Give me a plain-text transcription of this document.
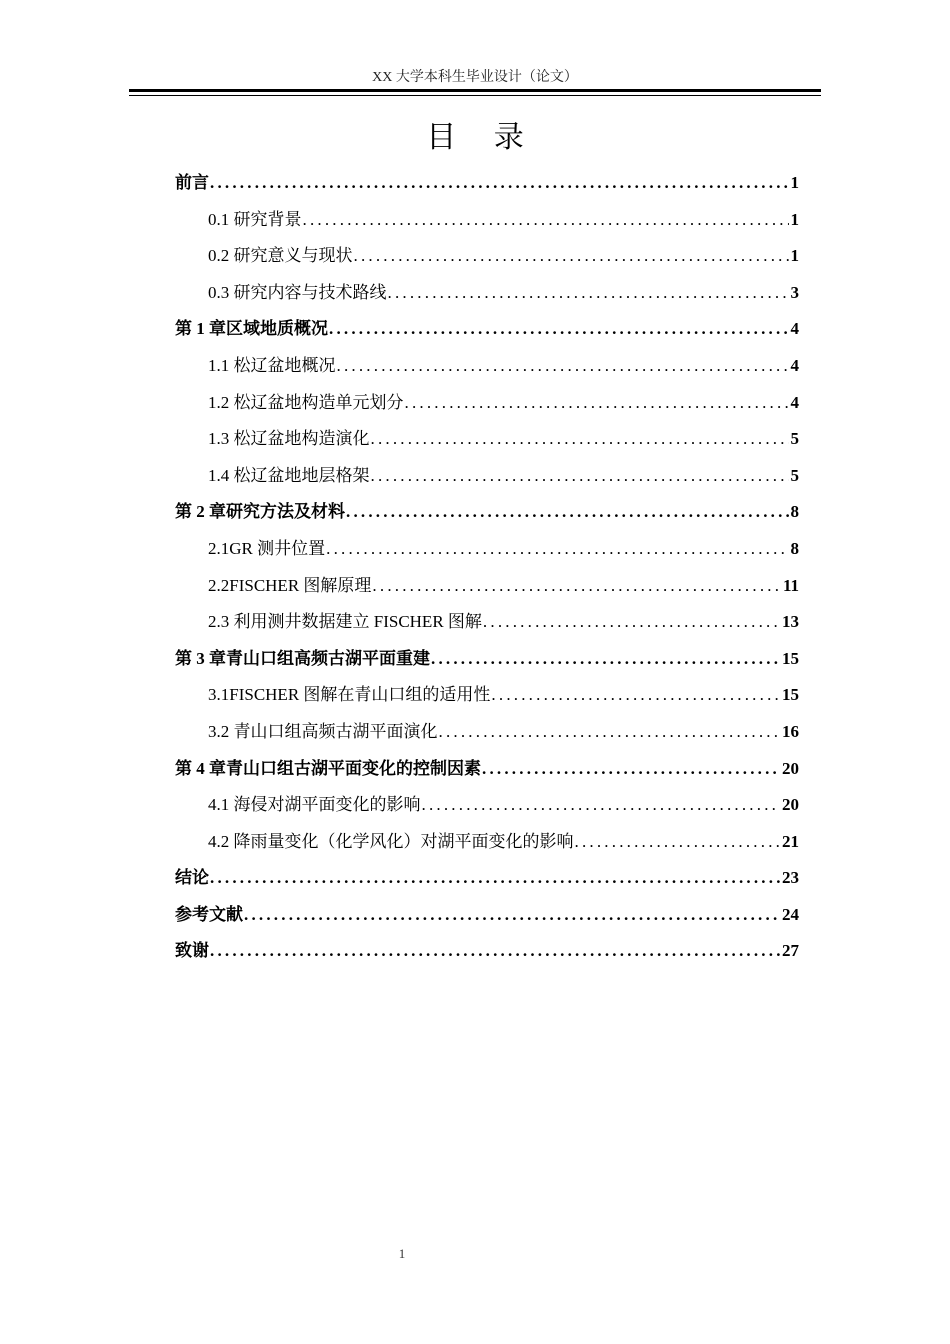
XX 大学本科生毕业设计（论文）
目 录
前言 .....	1
0.1 研究背景 .....	1
0.2 研究意义与现状 .....	1
0.3 研究内容与技术路线 .....	3
第 1 章区域地质概况 .....	4
1.1 松辽盆地概况 .....	4
1.2 松辽盆地构造单元划分 .....	4
1.3 松辽盆地构造演化 .....	5
1.4 松辽盆地地层格架 .....	5
第 2 章研究方法及材料 .....	8
2.1GR 测井位置 .....	8
2.2FISCHER 图解原理 .....	11
2.3 利用测井数据建立 FISCHER 图解 .....	13
第 3 章青山口组高频古湖平面重建 .....	15
3.1FISCHER 图解在青山口组的适用性 .....	15
3.2 青山口组高频古湖平面演化 .....	16
第 4 章青山口组古湖平面变化的控制因素 .....	20
4.1 海侵对湖平面变化的影响 .....	20
4.2 降雨量变化（化学风化）对湖平面变化的影响 .....	21
结论 .....	23
参考文献 .....	24
致谢 .....	27
1
